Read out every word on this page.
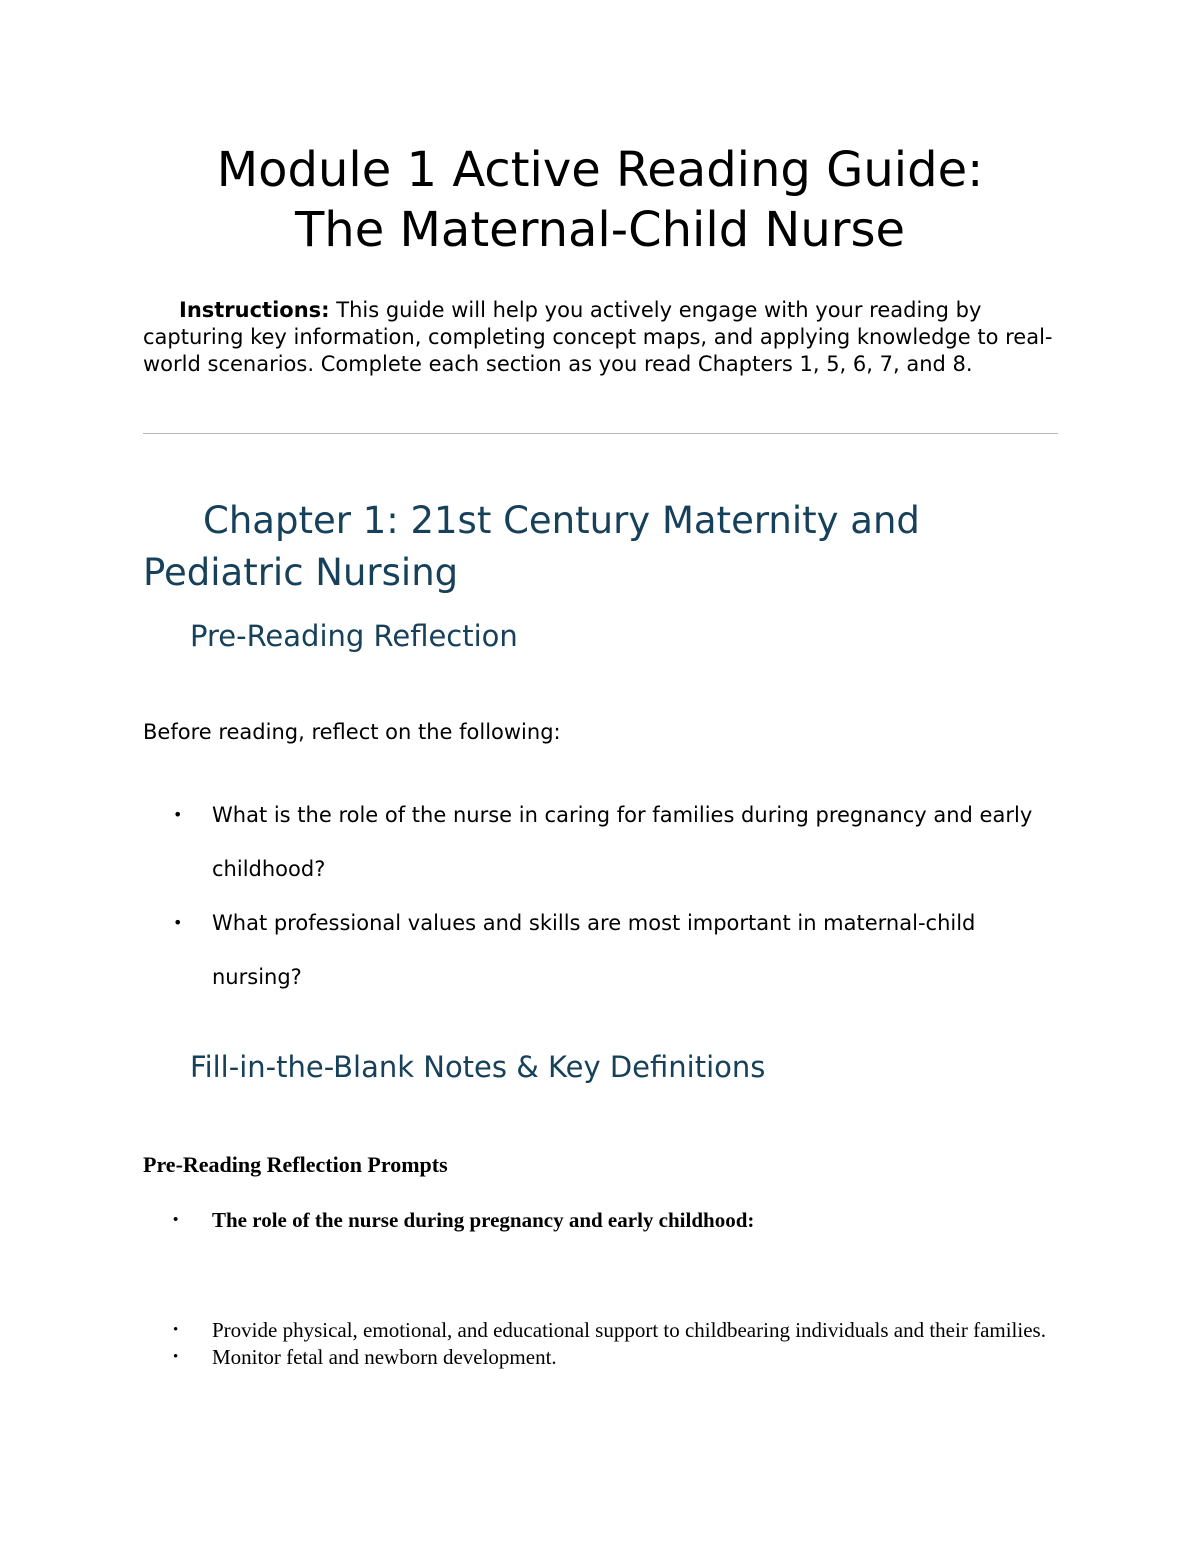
Module 1 Active Reading Guide:
The Maternal-Child Nurse

Instructions: This guide will help you actively engage with your reading by capturing key information, completing concept maps, and applying knowledge to real-world scenarios. Complete each section as you read Chapters 1, 5, 6, 7, and 8.

Chapter 1: 21st Century Maternity and Pediatric Nursing
Pre-Reading Reflection

Before reading, reflect on the following:

• What is the role of the nurse in caring for families during pregnancy and early childhood?
• What professional values and skills are most important in maternal-child nursing?
Fill-in-the-Blank Notes & Key Definitions

Pre-Reading Reflection Prompts

• The role of the nurse during pregnancy and early childhood:
• Provide physical, emotional, and educational support to childbearing individuals and their families.
• Monitor fetal and newborn development.
